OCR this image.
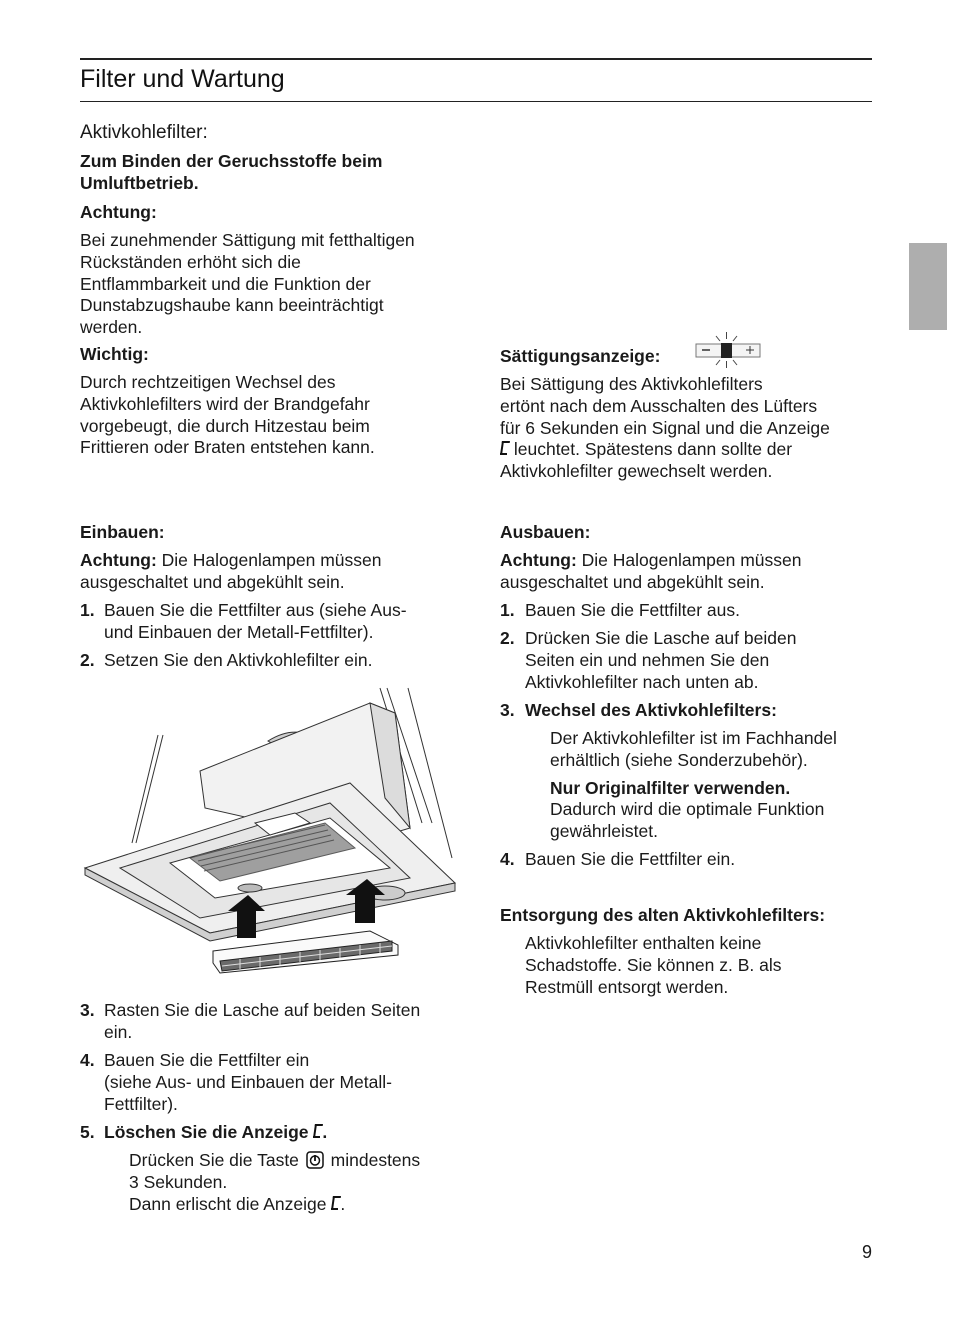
Filter und Wartung
Aktivkohlefilter:
Zum Binden der Geruchsstoffe beim
Umluftbetrieb.
Achtung:
Bei zunehmender Sättigung mit fetthaltigen
Rückständen erhöht sich die
Entflammbarkeit und die Funktion der
Dunstabzugshaube kann beeinträchtigt
werden.
Wichtig:
Durch rechtzeitigen Wechsel des
Aktivkohlefilters wird der Brandgefahr
vorgebeugt, die durch Hitzestau beim
Frittieren oder Braten entstehen kann.
Einbauen:
Achtung: Die Halogenlampen müssen
ausgeschaltet und abgekühlt sein.
1. Bauen Sie die Fettfilter aus (siehe Aus-
und Einbauen der Metall-Fettfilter).
2. Setzen Sie den Aktivkohlefilter ein.
3. Rasten Sie die Lasche auf beiden Seiten
ein.
4. Bauen Sie die Fettfilter ein
(siehe Aus- und Einbauen der Metall-
Fettfilter).
5. Löschen Sie die Anzeige .
Drücken Sie die Taste  mindestens
3 Sekunden.
Dann erlischt die Anzeige .
Sättigungsanzeige:
Bei Sättigung des Aktivkohlefilters
ertönt nach dem Ausschalten des Lüfters
für 6 Sekunden ein Signal und die Anzeige
leuchtet. Spätestens dann sollte der
Aktivkohlefilter gewechselt werden.
Ausbauen:
Achtung: Die Halogenlampen müssen
ausgeschaltet und abgekühlt sein.
1. Bauen Sie die Fettfilter aus.
2. Drücken Sie die Lasche auf beiden
Seiten ein und nehmen Sie den
Aktivkohlefilter nach unten ab.
3. Wechsel des Aktivkohlefilters:
Der Aktivkohlefilter ist im Fachhandel
erhältlich (siehe Sonderzubehör).
Nur Originalfilter verwenden.
Dadurch wird die optimale Funktion
gewährleistet.
4. Bauen Sie die Fettfilter ein.
Entsorgung des alten Aktivkohlefilters:
Aktivkohlefilter enthalten keine
Schadstoffe. Sie können z. B. als
Restmüll entsorgt werden.
9
